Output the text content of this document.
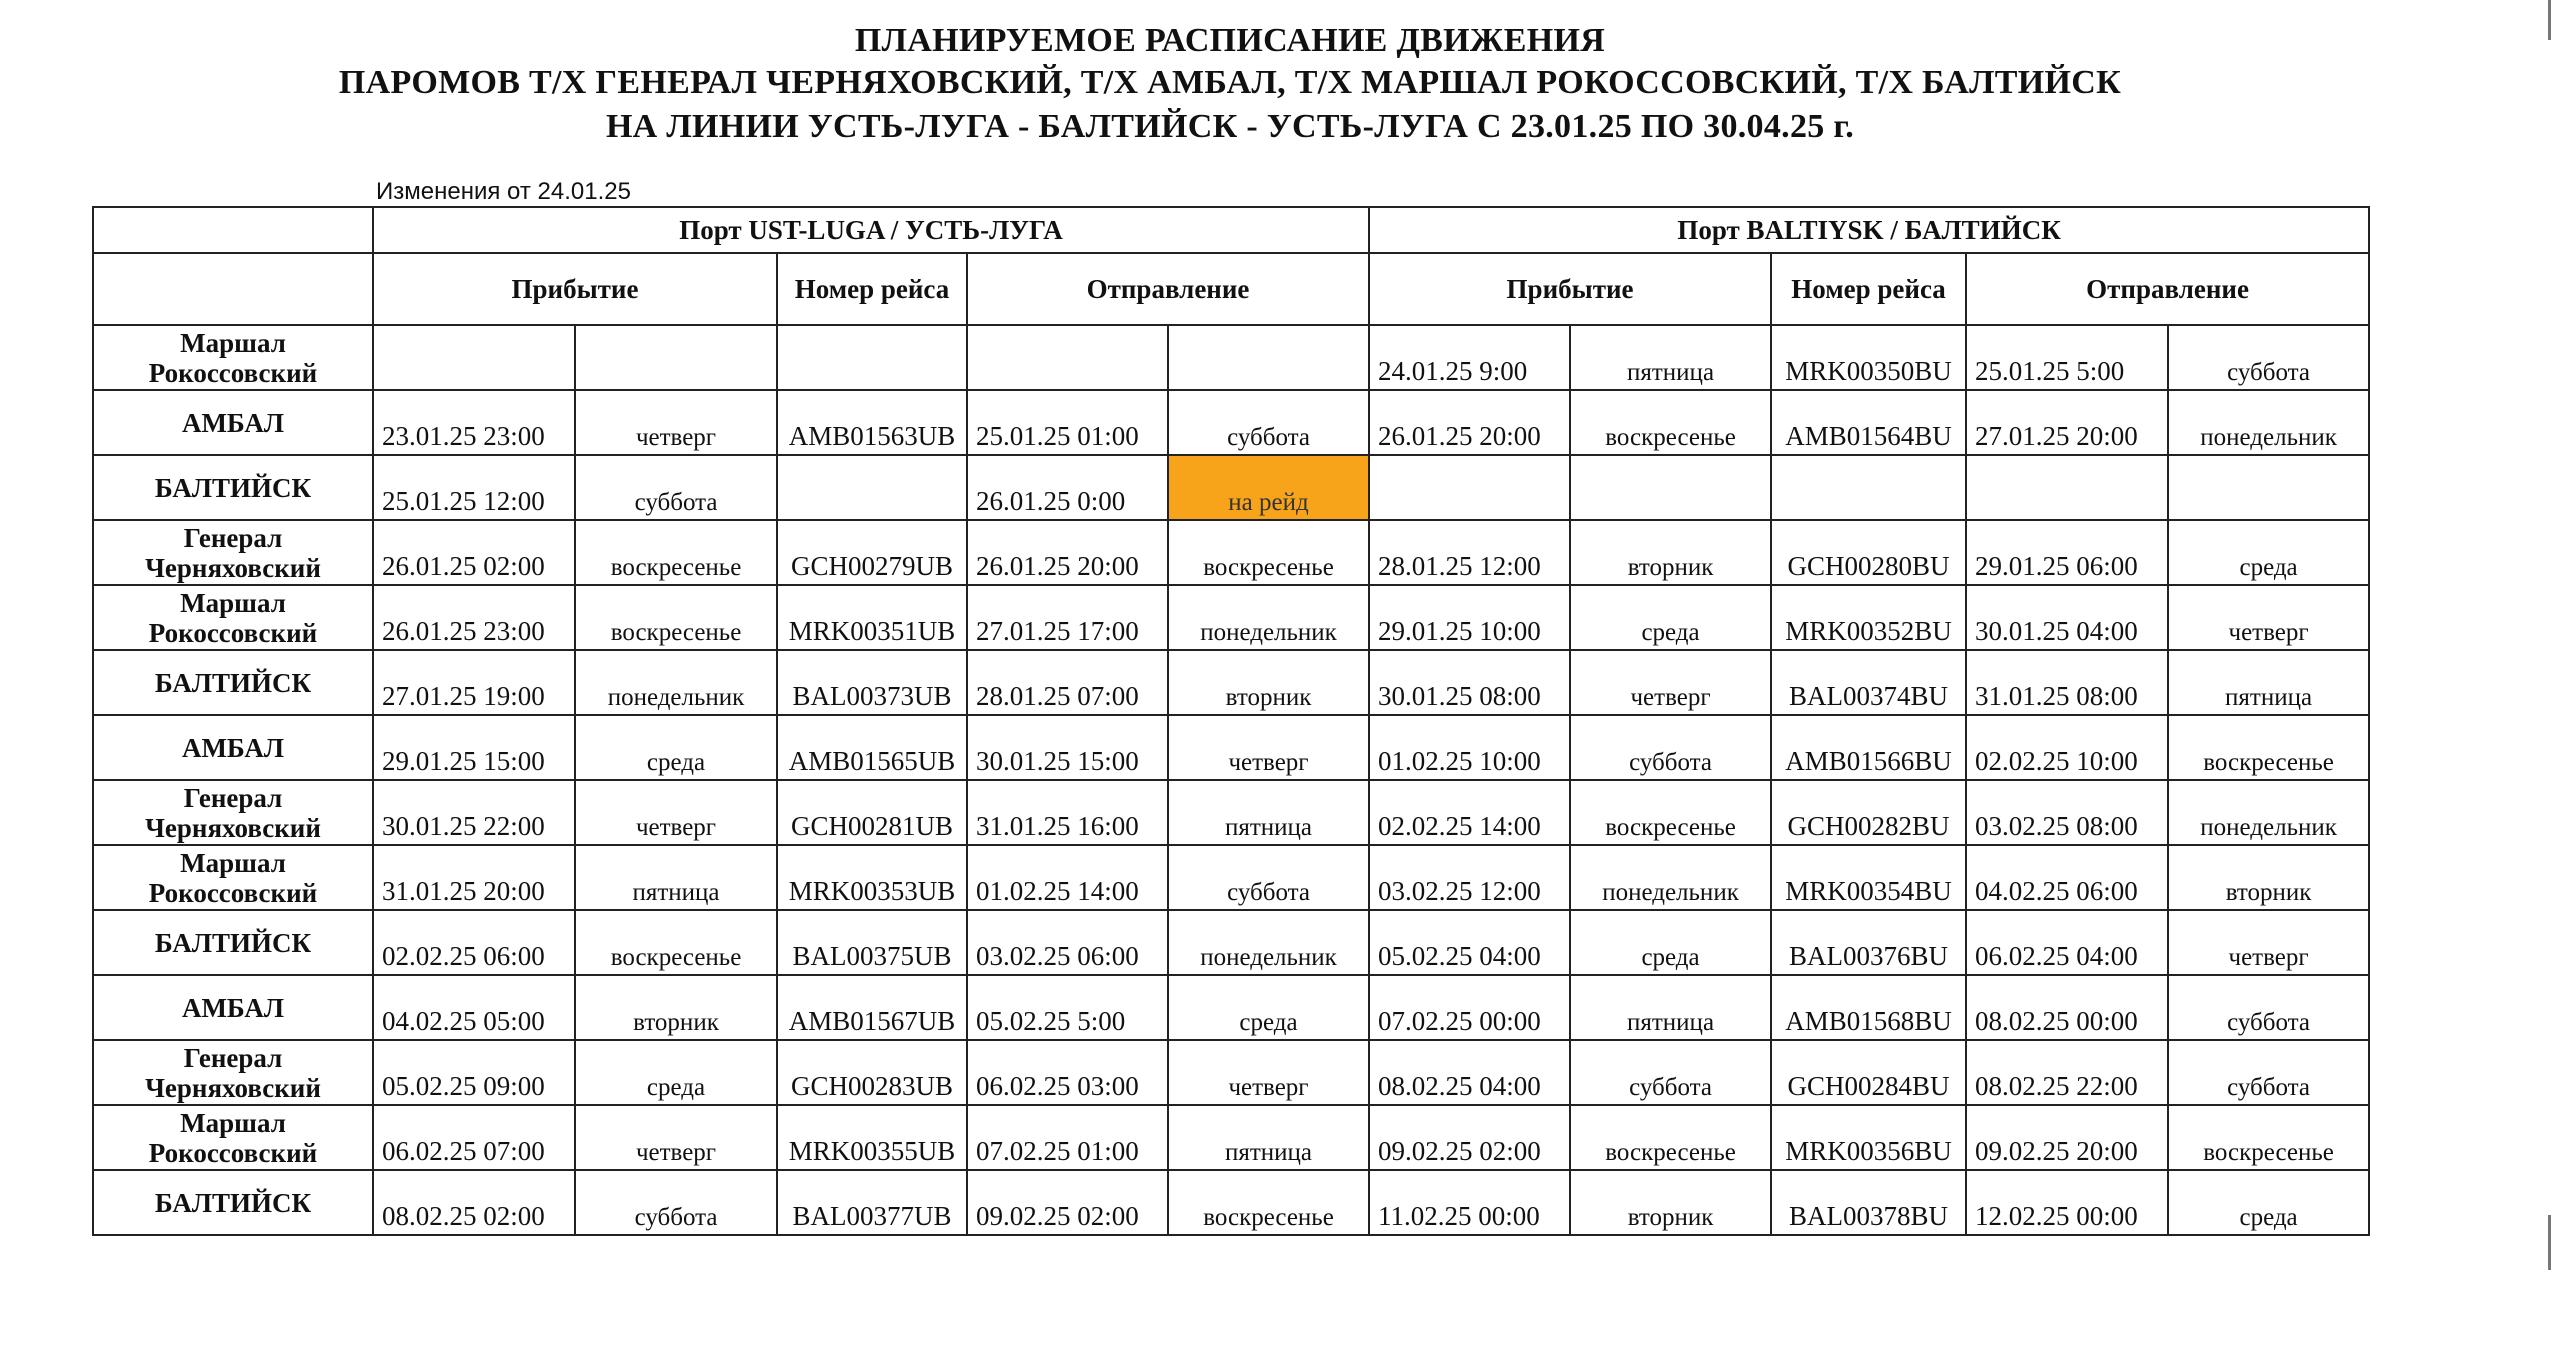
ПЛАНИРУЕМОЕ РАСПИСАНИЕ ДВИЖЕНИЯ
ПАРОМОВ Т/Х ГЕНЕРАЛ ЧЕРНЯХОВСКИЙ, Т/Х АМБАЛ, Т/Х МАРШАЛ РОКОССОВСКИЙ, Т/Х БАЛТИЙСК
НА ЛИНИИ УСТЬ-ЛУГА - БАЛТИЙСК - УСТЬ-ЛУГА С 23.01.25 ПО 30.04.25 г.
Изменения от 24.01.25
	Порт UST-LUGA / УСТЬ-ЛУГА					Порт BALTIYSK / БАЛТИЙСК				
	Прибытие		Номер рейса	Отправление		Прибытие		Номер рейса	Отправление	
Маршал Рокоссовский						24.01.25 9:00	пятница	MRK00350BU	25.01.25 5:00	суббота
АМБАЛ	23.01.25 23:00	четверг	AMB01563UB	25.01.25 01:00	суббота	26.01.25 20:00	воскресенье	AMB01564BU	27.01.25 20:00	понедельник
БАЛТИЙСК	25.01.25 12:00	суббота		26.01.25 0:00	на рейд					
Генерал Черняховский	26.01.25 02:00	воскресенье	GCH00279UB	26.01.25 20:00	воскресенье	28.01.25 12:00	вторник	GCH00280BU	29.01.25 06:00	среда
Маршал Рокоссовский	26.01.25 23:00	воскресенье	MRK00351UB	27.01.25 17:00	понедельник	29.01.25 10:00	среда	MRK00352BU	30.01.25 04:00	четверг
БАЛТИЙСК	27.01.25 19:00	понедельник	BAL00373UB	28.01.25 07:00	вторник	30.01.25 08:00	четверг	BAL00374BU	31.01.25 08:00	пятница
АМБАЛ	29.01.25 15:00	среда	AMB01565UB	30.01.25 15:00	четверг	01.02.25 10:00	суббота	AMB01566BU	02.02.25 10:00	воскресенье
Генерал Черняховский	30.01.25 22:00	четверг	GCH00281UB	31.01.25 16:00	пятница	02.02.25 14:00	воскресенье	GCH00282BU	03.02.25 08:00	понедельник
Маршал Рокоссовский	31.01.25 20:00	пятница	MRK00353UB	01.02.25 14:00	суббота	03.02.25 12:00	понедельник	MRK00354BU	04.02.25 06:00	вторник
БАЛТИЙСК	02.02.25 06:00	воскресенье	BAL00375UB	03.02.25 06:00	понедельник	05.02.25 04:00	среда	BAL00376BU	06.02.25 04:00	четверг
АМБАЛ	04.02.25 05:00	вторник	AMB01567UB	05.02.25 5:00	среда	07.02.25 00:00	пятница	AMB01568BU	08.02.25 00:00	суббота
Генерал Черняховский	05.02.25 09:00	среда	GCH00283UB	06.02.25 03:00	четверг	08.02.25 04:00	суббота	GCH00284BU	08.02.25 22:00	суббота
Маршал Рокоссовский	06.02.25 07:00	четверг	MRK00355UB	07.02.25 01:00	пятница	09.02.25 02:00	воскресенье	MRK00356BU	09.02.25 20:00	воскресенье
БАЛТИЙСК	08.02.25 02:00	суббота	BAL00377UB	09.02.25 02:00	воскресенье	11.02.25 00:00	вторник	BAL00378BU	12.02.25 00:00	среда
